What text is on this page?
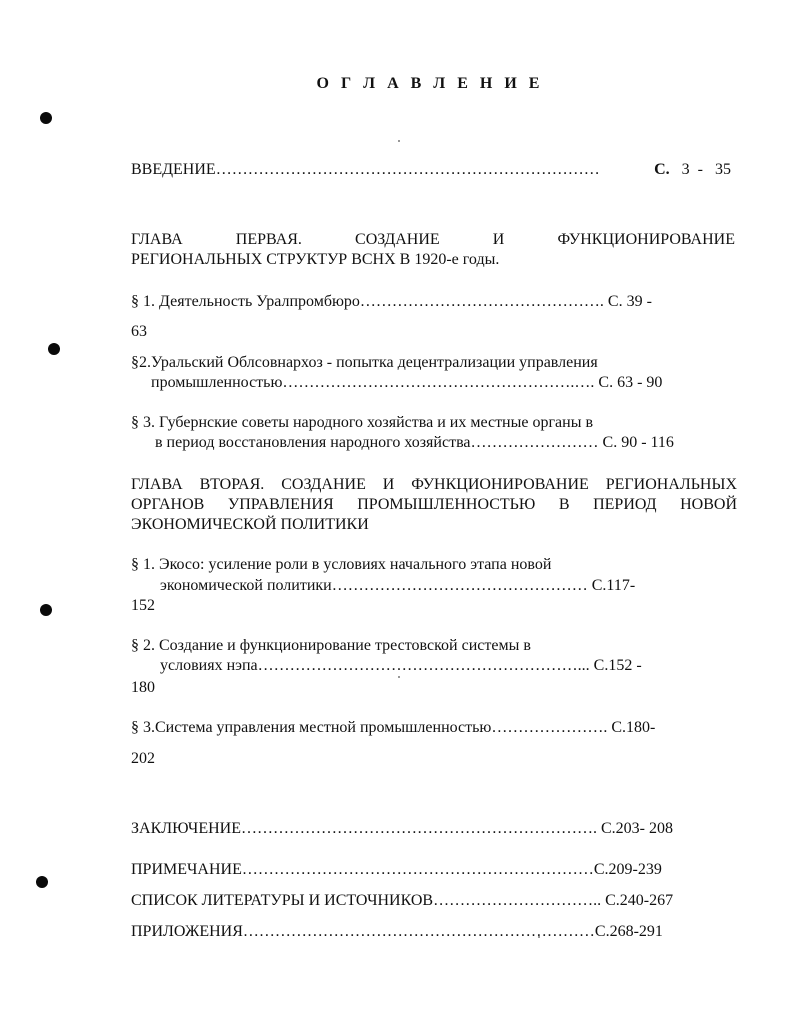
О Г Л А В Л Е Н И Е
ВВЕДЕНИЕ………………………………………………………………	С.   3  -   35
ГЛАВА ПЕРВАЯ. СОЗДАНИЕ И ФУНКЦИОНИРОВАНИЕ
РЕГИОНАЛЬНЫХ СТРУКТУР ВСНХ В 1920-е годы.
§ 1. Деятельность Уралпромбюро………………………………………. С. 39 -
63
§2.Уральский Облсовнархоз - попытка децентрализации управления
промышленностью……………………………………………….…. С. 63 - 90
§ 3. Губернские советы народного хозяйства и их местные органы в
в период восстановления народного хозяйства…………………… С. 90 - 116
ГЛАВА ВТОРАЯ. СОЗДАНИЕ И ФУНКЦИОНИРОВАНИЕ РЕГИОНАЛЬНЫХ
ОРГАНОВ УПРАВЛЕНИЯ ПРОМЫШЛЕННОСТЬЮ В ПЕРИОД НОВОЙ
ЭКОНОМИЧЕСКОЙ ПОЛИТИКИ
§ 1. Экосо: усиление роли в условиях начального этапа новой
экономической политики………………………………………… С.117-
152
§ 2. Создание и функционирование трестовской системы в
условиях нэпа……………………………………………………... С.152 -
180
§ 3.Система управления местной промышленностью…………………. С.180-
202
ЗАКЛЮЧЕНИЕ…………………………………………………………. С.203- 208
ПРИМЕЧАНИЕ…………………………………………………………С.209-239
СПИСОК ЛИТЕРАТУРЫ И ИСТОЧНИКОВ………………………….. С.240-267
ПРИЛОЖЕНИЯ…………………………………………………………С.268-291
